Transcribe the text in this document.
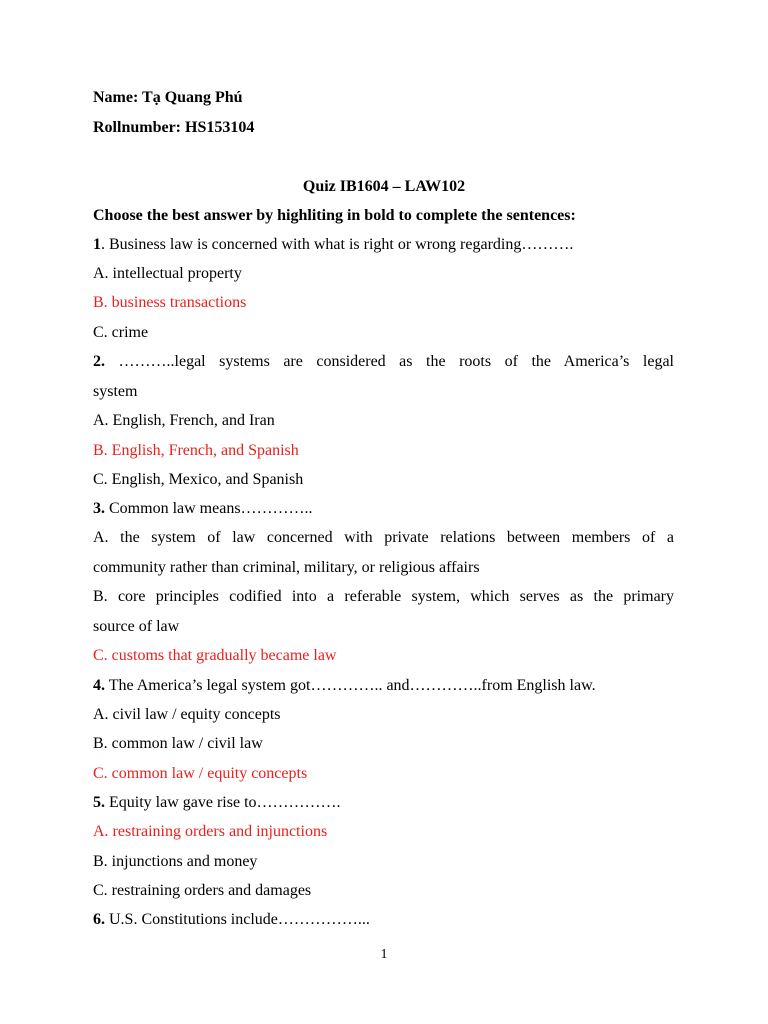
Name: Tạ Quang Phú
Rollnumber: HS153104
Quiz IB1604 – LAW102
Choose the best answer by highliting in bold to complete the sentences:
1. Business law is concerned with what is right or wrong regarding……….
A. intellectual property
B. business transactions
C. crime
2. ………..legal systems are considered as the roots of the America’s legal
system
A. English, French, and Iran
B. English, French, and Spanish
C. English, Mexico, and Spanish
3. Common law means…………..
A. the system of law concerned with private relations between members of a
community rather than criminal, military, or religious affairs
B. core principles codified into a referable system, which serves as the primary
source of law
C. customs that gradually became law
4. The America’s legal system got………….. and…………..from English law.
A. civil law / equity concepts
B. common law / civil law
C. common law / equity concepts
5. Equity law gave rise to…………….
A. restraining orders and injunctions
B. injunctions and money
C. restraining orders and damages
6. U.S. Constitutions include……………...
1
